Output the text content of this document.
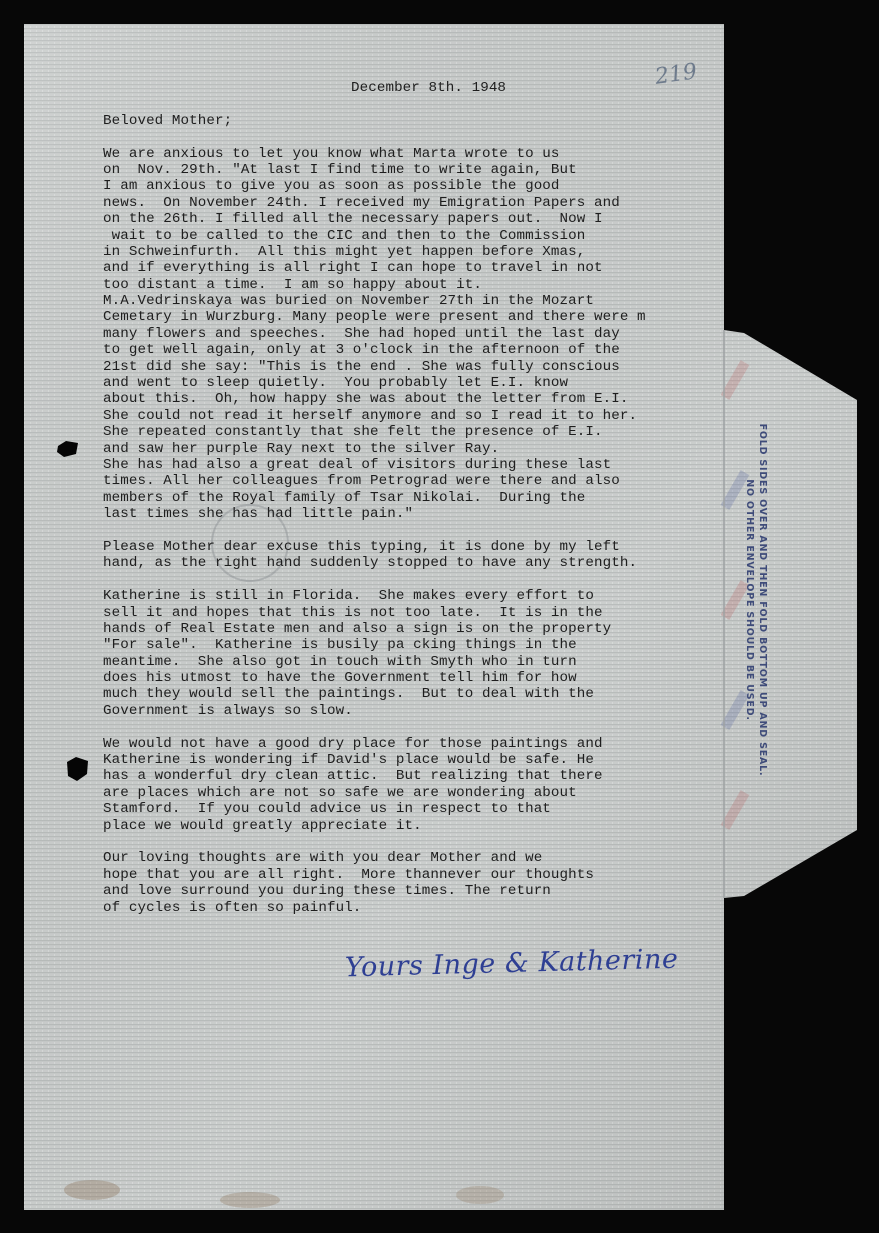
219
December 8th. 1948
Beloved Mother;
We are anxious to let you know what Marta wrote to us
on  Nov. 29th. "At last I find time to write again, But
I am anxious to give you as soon as possible the good
news.  On November 24th. I received my Emigration Papers and
on the 26th. I filled all the necessary papers out.  Now I
wait to be called to the CIC and then to the Commission
in Schweinfurth.  All this might yet happen before Xmas,
and if everything is all right I can hope to travel in not
too distant a time.  I am so happy about it.
M.A.Vedrinskaya was buried on November 27th in the Mozart
Cemetary in Wurzburg. Many people were present and there were m
many flowers and speeches.  She had hoped until the last day
to get well again, only at 3 o'clock in the afternoon of the
21st did she say: "This is the end . She was fully conscious
and went to sleep quietly.  You probably let E.I. know
about this.  Oh, how happy she was about the letter from E.I.
She could not read it herself anymore and so I read it to her.
She repeated constantly that she felt the presence of E.I.
and saw her purple Ray next to the silver Ray.
She has had also a great deal of visitors during these last
times. All her colleagues from Petrograd were there and also
members of the Royal family of Tsar Nikolai.  During the
last times she has had little pain."
Please Mother dear excuse this typing, it is done by my left
hand, as the right hand suddenly stopped to have any strength.
Katherine is still in Florida.  She makes every effort to
sell it and hopes that this is not too late.  It is in the
hands of Real Estate men and also a sign is on the property
"For sale".  Katherine is busily pa cking things in the
meantime.  She also got in touch with Smyth who in turn
does his utmost to have the Government tell him for how
much they would sell the paintings.  But to deal with the
Government is always so slow.
We would not have a good dry place for those paintings and
Katherine is wondering if David's place would be safe. He
has a wonderful dry clean attic.  But realizing that there
are places which are not so safe we are wondering about
Stamford.  If you could advice us in respect to that
place we would greatly appreciate it.
Our loving thoughts are with you dear Mother and we
hope that you are all right.  More thannever our thoughts
and love surround you during these times. The return
of cycles is often so painful.
Yours Inge & Katherine
FOLD SIDES OVER AND THEN FOLD BOTTOM UP AND SEAL.
NO OTHER ENVELOPE SHOULD BE USED.
